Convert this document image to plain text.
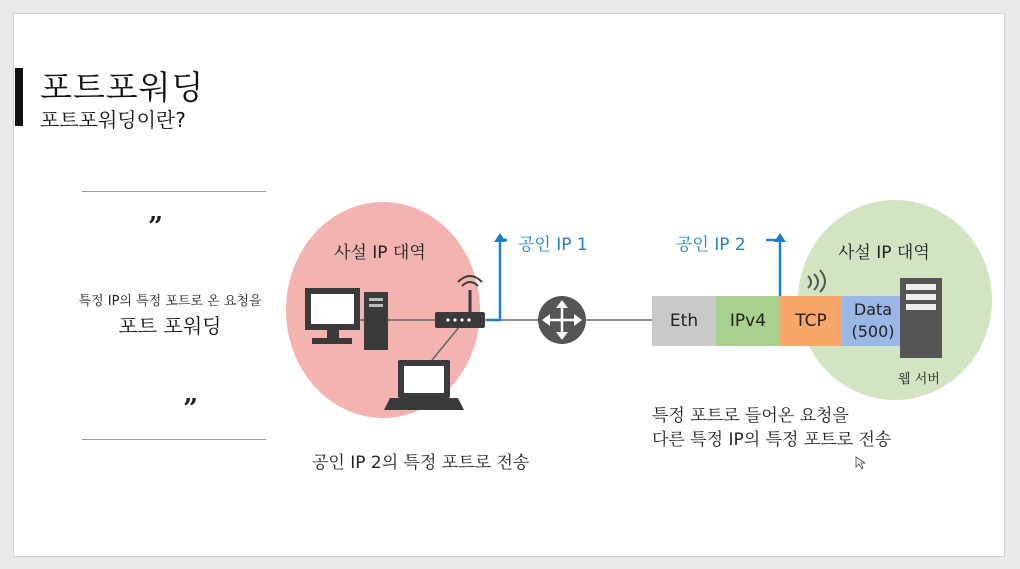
포트포워딩
포트포워딩이란?
”
특정 IP의 특정 포트로 온 요청을
포트 포워딩
”
사설 IP 대역	공인 IP 1
공인 IP 2의 특정 포트로 전송
공인 IP 2	사설 IP 대역
웹 서버
특정 포트로 들어온 요청을
다른 특정 IP의 특정 포트로 전송
Eth	IPv4	TCP
Data
(500)
